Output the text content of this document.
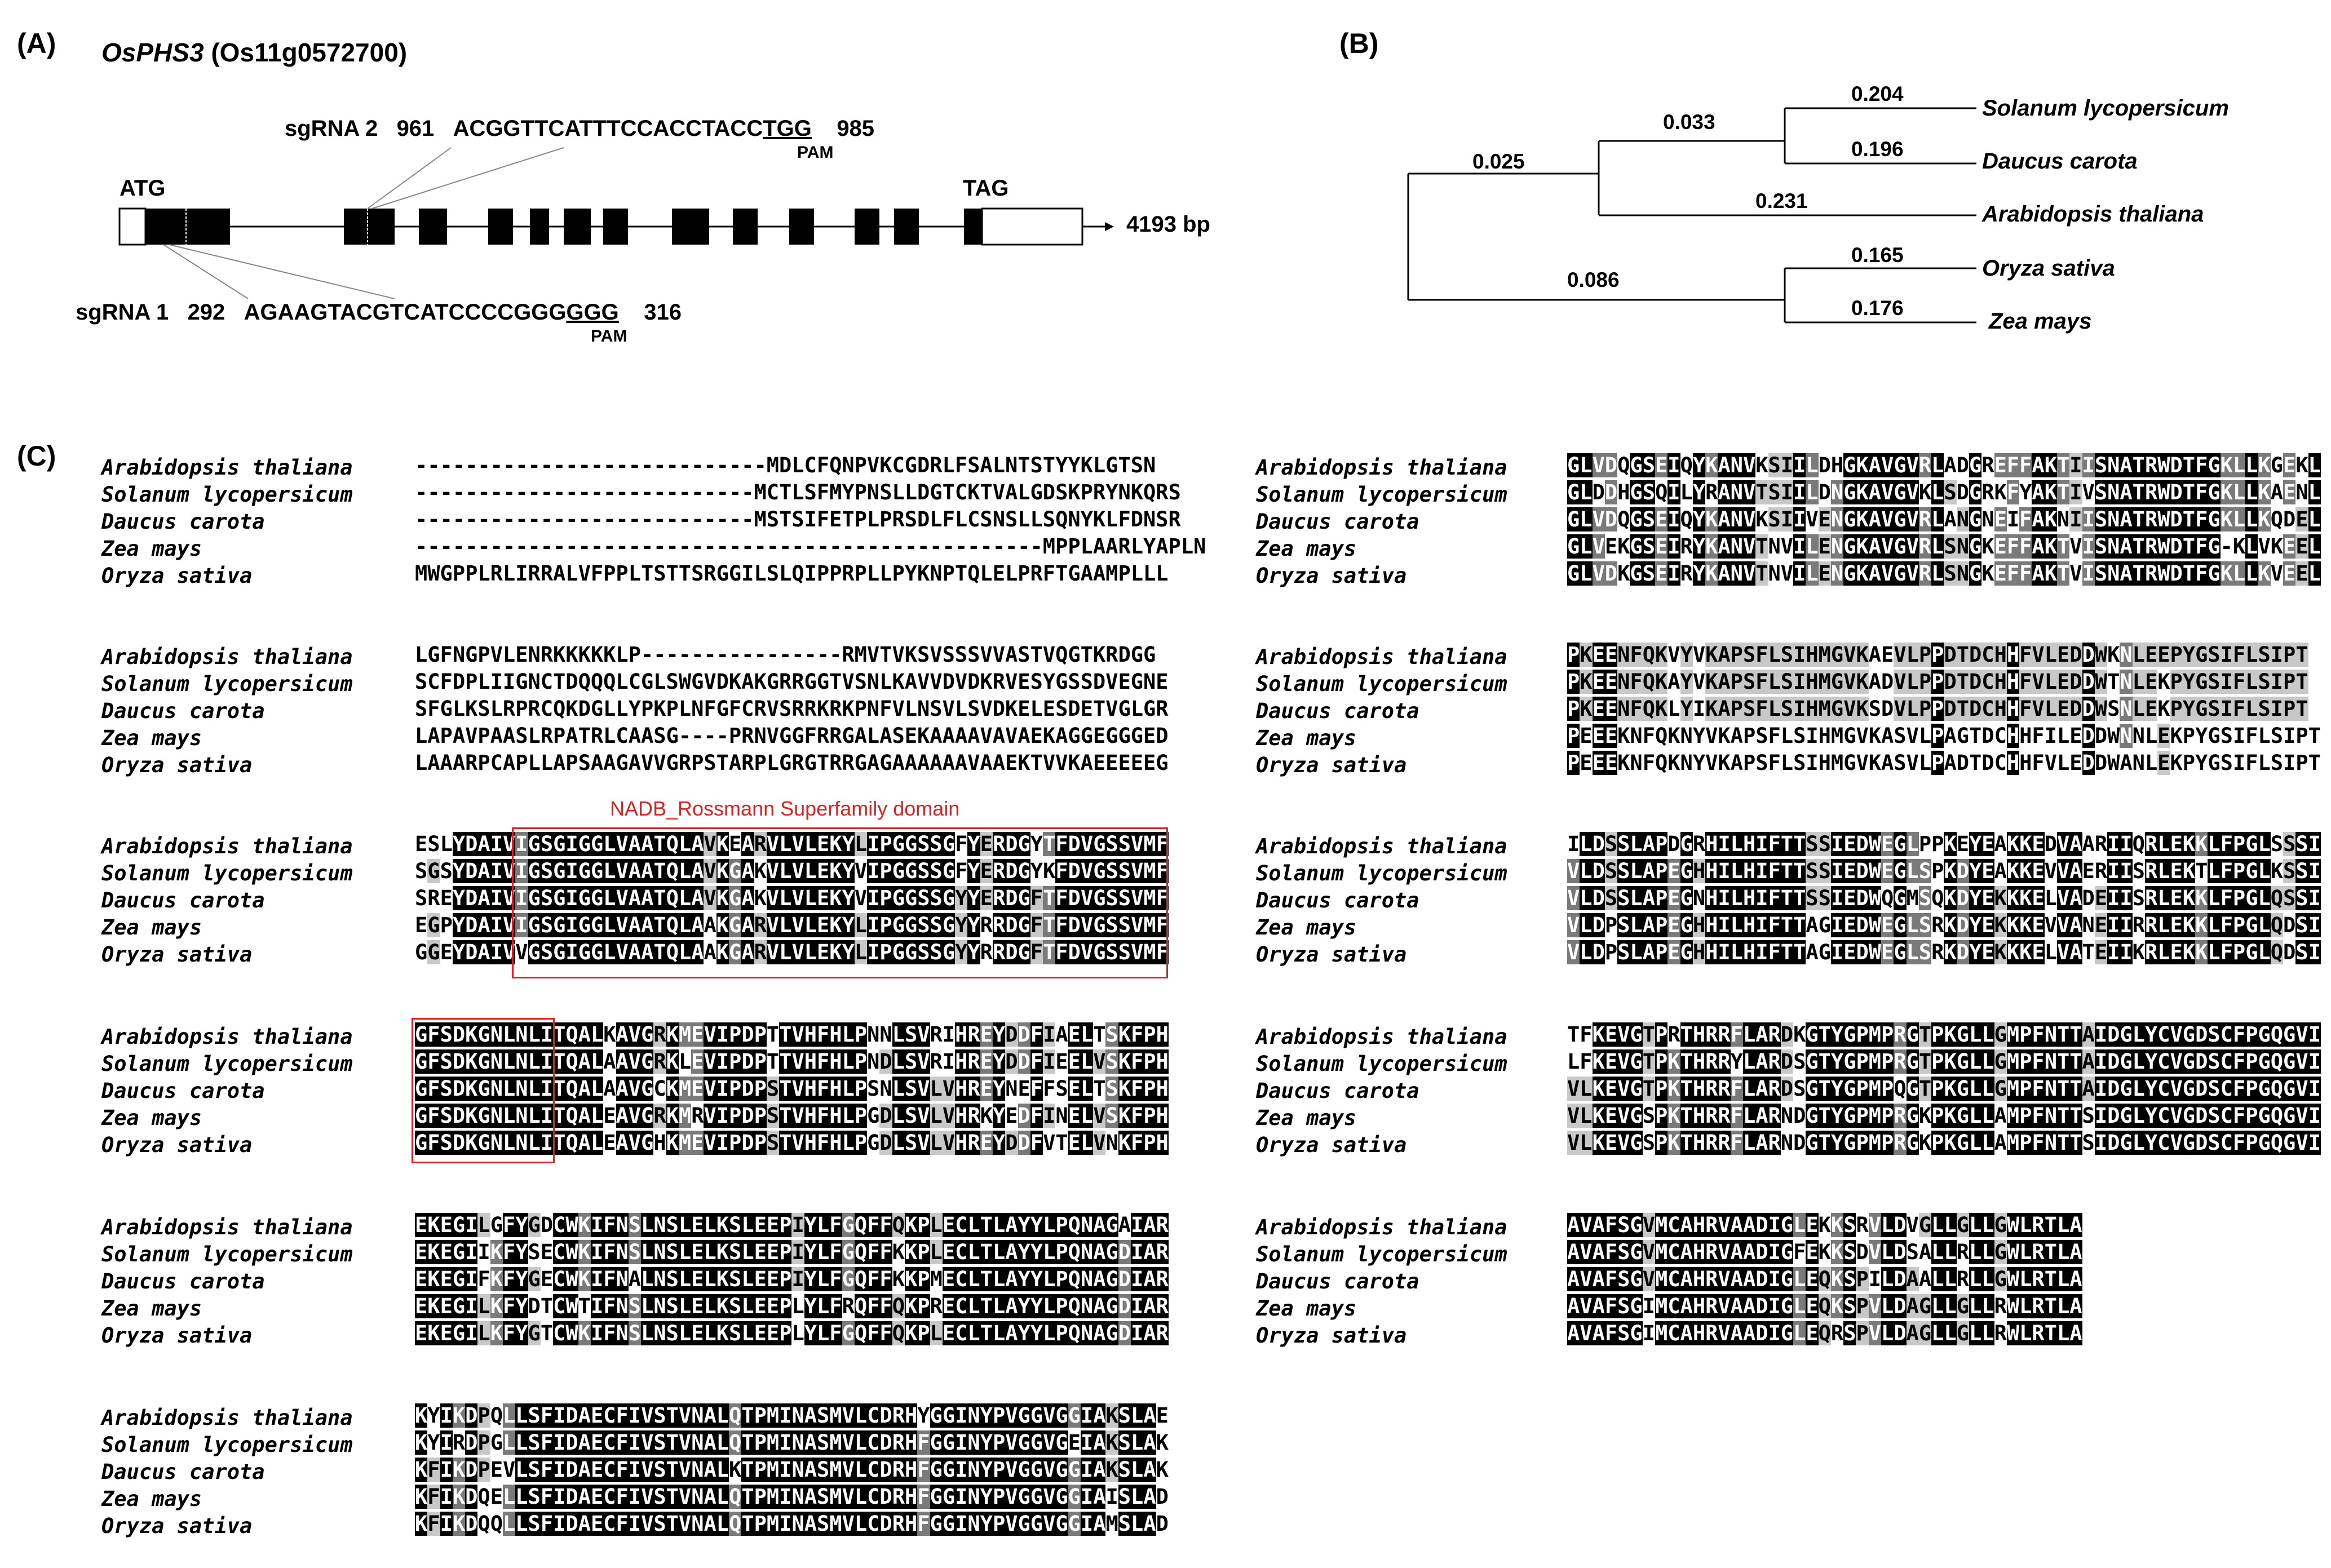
(A) OsPHS3 (Os11g0572700)
ATG	TAG
4193 bp
sgRNA 2 961 ACGGTTCATTTCCACCTACCTGG 985
PAM
sgRNA 1 292 AGAAGTACGTCATCCCCGGGGGG 316
PAM
(B)
0.204
0.196
0.231
0.165
0.176
0.033
0.025
0.086
Solanum lycopersicum
Daucus carota
Arabidopsis thaliana
Oryza sativa
Zea mays
(C) Arabidopsis thaliana
Solanum lycopersicum
Daucus carota
Zea mays
Oryza sativa
----------------------------MDLCFQNPVKCGDRLFSALNTSTYYKLGTSN
---------------------------MCTLSFMYPNSLLDGTCKTVALGDSKPRYNKQRS
---------------------------MSTSIFETPLPRSDLFLCSNSLLSQNYKLFDNSR
--------------------------------------------------MPPLAARLYAPLN
MWGPPLRLIRRALVFPPLTSTTSRGGILSLQIPPRPLLPYKNPTQLELPRFTGAAMPLLL
Arabidopsis thaliana
Solanum lycopersicum
Daucus carota
Zea mays
Oryza sativa
LGFNGPVLENRKKKKKLP----------------RMVTVKSVSSSVVASTVQGTKRDGG
SCFDPLIIGNCTDQQQLCGLSWGVDKAKGRRGGTVSNLKAVVDVDKRVESYGSSDVEGNE
SFGLKSLRPRCQKDGLLYPKPLNFGFCRVSRRKRKPNFVLNSVLSVDKELESDETVGLGR
LAPAVPAASLRPATRLCAASG----PRNVGGFRRGALASEKAAAAVAVAEKAGGEGGGED
LAAARPCAPLLAPSAAGAVVGRPSTARPLGRGTRRGAGAAAAAAVAAEKTVVKAEEEEEG
Arabidopsis thaliana
Solanum lycopersicum
Daucus carota
Zea mays
Oryza sativa
ESLYDAIVIGSGIGGLVAATQLAVKEARVLVLEKYLIPGGSSGFYERDGYTFDVGSSVMF
SGSYDAIVIGSGIGGLVAATQLAVKGAKVLVLEKYVIPGGSSGFYERDGYKFDVGSSVMF
SREYDAIVIGSGIGGLVAATQLAVKGAKVLVLEKYVIPGGSSGYYERDGFTFDVGSSVMF
EGPYDAIVIGSGIGGLVAATQLAAKGARVLVLEKYLIPGGSSGYYRRDGFTFDVGSSVMF
GGEYDAIVVGSGIGGLVAATQLAAKGARVLVLEKYLIPGGSSGYYRRDGFTFDVGSSVMF
Arabidopsis thaliana
Solanum lycopersicum
Daucus carota
Zea mays
Oryza sativa
GFSDKGNLNLITQALKAVGRKMEVIPDPTTVHFHLPNNLSVRIHREYDDFIAELTSKFPH
GFSDKGNLNLITQALAAVGRKLEVIPDPTTVHFHLPNDLSVRIHREYDDFIEELVSKFPH
GFSDKGNLNLITQALAAVGCKMEVIPDPSTVHFHLPSNLSVLVHREYNEFFSELTSKFPH
GFSDKGNLNLITQALEAVGRKMRVIPDPSTVHFHLPGDLSVLVHRKYEDFINELVSKFPH
GFSDKGNLNLITQALEAVGHKMEVIPDPSTVHFHLPGDLSVLVHREYDDFVTELVNKFPH
Arabidopsis thaliana
Solanum lycopersicum
Daucus carota
Zea mays
Oryza sativa
EKEGILGFYGDCWKIFNSLNSLELKSLEEPIYLFGQFFQKPLECLTLAYYLPQNAGAIAR
EKEGIIKFYSECWKIFNSLNSLELKSLEEPIYLFGQFFKKPLECLTLAYYLPQNAGDIAR
EKEGIFKFYGECWKIFNALNSLELKSLEEPIYLFGQFFKKPMECLTLAYYLPQNAGDIAR
EKEGILKFYDTCWTIFNSLNSLELKSLEEPLYLFRQFFQKPRECLTLAYYLPQNAGDIAR
EKEGILKFYGTCWKIFNSLNSLELKSLEEPLYLFGQFFQKPLECLTLAYYLPQNAGDIAR
Arabidopsis thaliana
Solanum lycopersicum
Daucus carota
Zea mays
Oryza sativa
KYIKDPQLLSFIDAECFIVSTVNALQTPMINASMVLCDRHYGGINYPVGGVGGIAKSLAE
KYIRDPGLLSFIDAECFIVSTVNALQTPMINASMVLCDRHFGGINYPVGGVGEIAKSLAK
KFIKDPEVLSFIDAECFIVSTVNALKTPMINASMVLCDRHFGGINYPVGGVGGIAKSLAK
KFIKDQELLSFIDAECFIVSTVNALQTPMINASMVLCDRHFGGINYPVGGVGGIAISLAD
KFIKDQQLLSFIDAECFIVSTVNALQTPMINASMVLCDRHFGGINYPVGGVGGIAMSLAD
Arabidopsis thaliana
Solanum lycopersicum
Daucus carota
Zea mays
Oryza sativa
GLVDQGSEIQYKANVKSIILDHGKAVGVRLADGREFFAKTIISNATRWDTFGKLLKGEKL
GLDDHGSQILYRANVTSIILDNGKAVGVKLSDGRKFYAKTIVSNATRWDTFGKLLKAENL
GLVDQGSEIQYKANVKSIIVENGKAVGVRLANGNEIFAKNIISNATRWDTFGKLLKQDEL
GLVEKGSEIRYKANVTNVILENGKAVGVRLSNGKEFFAKTVISNATRWDTFG-KLVKEEL
GLVDKGSEIRYKANVTNVILENGKAVGVRLSNGKEFFAKTVISNATRWDTFGKLLKVEEL
Arabidopsis thaliana
Solanum lycopersicum
Daucus carota
Zea mays
Oryza sativa
PKEENFQKVYVKAPSFLSIHMGVKAEVLPPDTDCHHFVLEDDWKNLEEPYGSIFLSIPT
PKEENFQKAYVKAPSFLSIHMGVKADVLPPDTDCHHFVLEDDWTNLEKPYGSIFLSIPT
PKEENFQKLYIKAPSFLSIHMGVKSDVLPPDTDCHHFVLEDDWSNLEKPYGSIFLSIPT
PEEEKNFQKNYVKAPSFLSIHMGVKASVLPAGTDCHHFILEDDWNNLEKPYGSIFLSIPT
PEEEKNFQKNYVKAPSFLSIHMGVKASVLPADTDCHHFVLEDDWANLEKPYGSIFLSIPT
Arabidopsis thaliana
Solanum lycopersicum
Daucus carota
Zea mays
Oryza sativa
ILDSSLAPDGRHILHIFTTSSIEDWEGLPPKEYEAKKEDVAARIIQRLEKKLFPGLSSSI
VLDSSLAPEGHHILHIFTTSSIEDWEGLSPKDYEAKKEVVAERIISRLEKTLFPGLKSSI
VLDSSLAPEGNHILHIFTTSSIEDWQGMSQKDYEKKKELVADEIISRLEKKLFPGLQSSI
VLDPSLAPEGHHILHIFTTAGIEDWEGLSRKDYEKKKEVVANEIIRRLEKKLFPGLQDSI
VLDPSLAPEGHHILHIFTTAGIEDWEGLSRKDYEKKKELVATEIIKRLEKKLFPGLQDSI
Arabidopsis thaliana
Solanum lycopersicum
Daucus carota
Zea mays
Oryza sativa
TFKEVGTPRTHRRFLARDKGTYGPMPRGTPKGLLGMPFNTTAIDGLYCVGDSCFPGQGVI
LFKEVGTPKTHRRYLARDSGTYGPMPRGTPKGLLGMPFNTTAIDGLYCVGDSCFPGQGVI
VLKEVGTPKTHRRFLARDSGTYGPMPQGTPKGLLGMPFNTTAIDGLYCVGDSCFPGQGVI
VLKEVGSPKTHRRFLARNDGTYGPMPRGKPKGLLAMPFNTTSIDGLYCVGDSCFPGQGVI
VLKEVGSPKTHRRFLARNDGTYGPMPRGKPKGLLAMPFNTTSIDGLYCVGDSCFPGQGVI
Arabidopsis thaliana
Solanum lycopersicum
Daucus carota
Zea mays
Oryza sativa
AVAFSGVMCAHRVAADIGLEKKSRVLDVGLLGLLGWLRTLA
AVAFSGVMCAHRVAADIGFEKKSDVLDSALLRLLGWLRTLA
AVAFSGVMCAHRVAADIGLEQKSPILDAALLRLLGWLRTLA
AVAFSGIMCAHRVAADIGLEQKSPVLDAGLLGLLRWLRTLA
AVAFSGIMCAHRVAADIGLEQRSPVLDAGLLGLLRWLRTLA
NADB_Rossmann Superfamily domain
